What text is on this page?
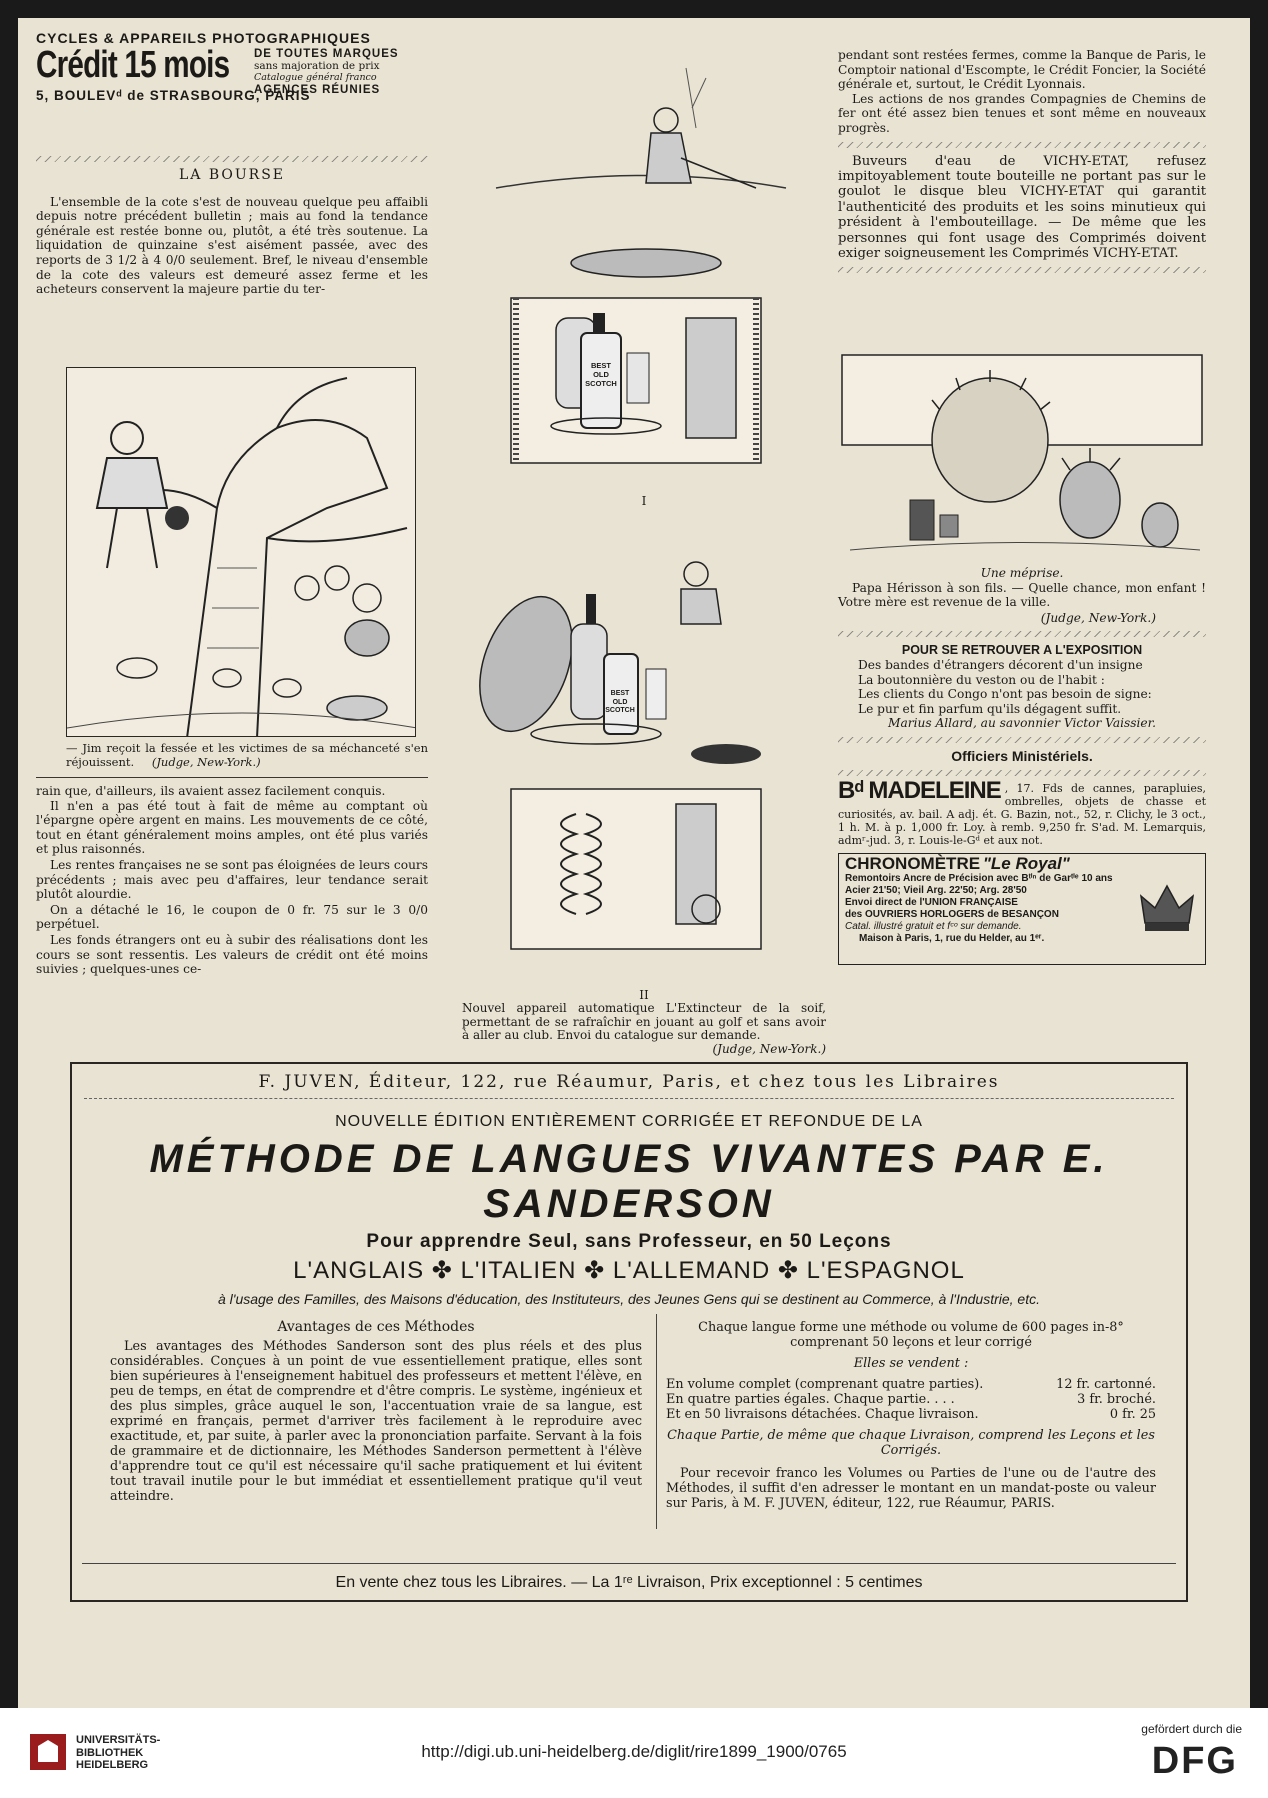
CYCLES & APPAREILS PHOTOGRAPHIQUES
Crédit 15 mois DE TOUTES MARQUES
sans majoration de prix
Catalogue général franco
AGENCES RÉUNIES
5, BOULEVᵈ de STRASBOURG, PARIS
LA BOURSE
L'ensemble de la cote s'est de nouveau quelque peu affaibli depuis notre précédent bulletin ; mais au fond la tendance générale est restée bonne ou, plutôt, a été très soutenue. La liquidation de quinzaine s'est aisément passée, avec des reports de 3 1/2 à 4 0/0 seulement. Bref, le niveau d'ensemble de la cote des valeurs est demeuré assez ferme et les acheteurs conservent la majeure partie du ter-
— Jim reçoit la fessée et les victimes de sa méchanceté s'en réjouissent. (Judge, New-York.)
rain que, d'ailleurs, ils avaient assez facilement conquis.
Il n'en a pas été tout à fait de même au comptant où l'épargne opère argent en mains. Les mouvements de ce côté, tout en étant généralement moins amples, ont été plus variés et plus raisonnés.
Les rentes françaises ne se sont pas éloignées de leurs cours précédents ; mais avec peu d'affaires, leur tendance serait plutôt alourdie.
On a détaché le 16, le coupon de 0 fr. 75 sur le 3 0/0 perpétuel.
Les fonds étrangers ont eu à subir des réalisations dont les cours se sont ressentis. Les valeurs de crédit ont été moins suivies ; quelques-unes ce-
BEST
OLD
SCOTCH
I
BEST
OLD
SCOTCH
II
Nouvel appareil automatique L'Extincteur de la soif, permettant de se rafraîchir en jouant au golf et sans avoir à aller au club. Envoi du catalogue sur demande.
(Judge, New-York.)
pendant sont restées fermes, comme la Banque de Paris, le Comptoir national d'Escompte, le Crédit Foncier, la Société générale et, surtout, le Crédit Lyonnais.
Les actions de nos grandes Compagnies de Chemins de fer ont été assez bien tenues et sont même en nouveaux progrès.
Buveurs d'eau de VICHY-ETAT, refusez impitoyablement toute bouteille ne portant pas sur le goulot le disque bleu VICHY-ETAT qui garantit l'authenticité des produits et les soins minutieux qui président à l'embouteillage. — De même que les personnes qui font usage des Comprimés doivent exiger soigneusement les Comprimés VICHY-ETAT.
Une méprise.
Papa Hérisson à son fils. — Quelle chance, mon enfant ! Votre mère est revenue de la ville.
(Judge, New-York.)
POUR SE RETROUVER A L'EXPOSITION
Des bandes d'étrangers décorent d'un insigne
La boutonnière du veston ou de l'habit :
Les clients du Congo n'ont pas besoin de signe:
Le pur et fin parfum qu'ils dégagent suffit.
Marius Allard, au savonnier Victor Vaissier.
Officiers Ministériels.
Bᵈ MADELEINE , 17. Fds de cannes, parapluies, ombrelles, objets de chasse et curiosités, av. bail. A adj. ét. G. Bazin, not., 52, r. Clichy, le 3 oct., 1 h. M. à p. 1,000 fr. Loy. à remb. 9,250 fr. S'ad. M. Lemarquis, admʳ-jud. 3, r. Louis-le-Gᵈ et aux not.
CHRONOMÈTRE "Le Royal"
Remontoirs Ancre de Précision avec Bᵗⁱⁿ de Garᵗⁱᵉ 10 ans
Acier 21'50; Vieil Arg. 22'50; Arg. 28'50
Envoi direct de l'UNION FRANÇAISE
des OUVRIERS HORLOGERS de BESANÇON
Catal. illustré gratuit et fᶜᵒ sur demande.
Maison à Paris, 1, rue du Helder, au 1ᵉʳ.
F. JUVEN, Éditeur, 122, rue Réaumur, Paris, et chez tous les Libraires
NOUVELLE ÉDITION ENTIÈREMENT CORRIGÉE ET REFONDUE DE LA
MÉTHODE DE LANGUES VIVANTES PAR E. SANDERSON
Pour apprendre Seul, sans Professeur, en 50 Leçons
L'ANGLAIS ✤ L'ITALIEN ✤ L'ALLEMAND ✤ L'ESPAGNOL
à l'usage des Familles, des Maisons d'éducation, des Instituteurs, des Jeunes Gens qui se destinent au Commerce, à l'Industrie, etc.
Avantages de ces Méthodes
Les avantages des Méthodes Sanderson sont des plus réels et des plus considérables. Conçues à un point de vue essentiellement pratique, elles sont bien supérieures à l'enseignement habituel des professeurs et mettent l'élève, en peu de temps, en état de comprendre et d'être compris. Le système, ingénieux et des plus simples, grâce auquel le son, l'accentuation vraie de sa langue, est exprimé en français, permet d'arriver très facilement à le reproduire avec exactitude, et, par suite, à parler avec la prononciation parfaite. Servant à la fois de grammaire et de dictionnaire, les Méthodes Sanderson permettent à l'élève d'apprendre tout ce qu'il est nécessaire qu'il sache pratiquement et lui évitent tout travail inutile pour le but immédiat et essentiellement pratique qu'il veut atteindre.
Chaque langue forme une méthode ou volume de 600 pages in-8° comprenant 50 leçons et leur corrigé
Elles se vendent :
En volume complet (comprenant quatre parties).	12 fr. cartonné.
En quatre parties égales. Chaque partie. . . .	3 fr. broché.
Et en 50 livraisons détachées. Chaque livraison.	0 fr. 25
Chaque Partie, de même que chaque Livraison, comprend les Leçons et les Corrigés.
Pour recevoir franco les Volumes ou Parties de l'une ou de l'autre des Méthodes, il suffit d'en adresser le montant en un mandat-poste ou valeur sur Paris, à M. F. JUVEN, éditeur, 122, rue Réaumur, PARIS.
En vente chez tous les Libraires. — La 1ʳᵉ Livraison, Prix exceptionnel : 5 centimes
UNIVERSITÄTS-
BIBLIOTHEK
HEIDELBERG
http://digi.ub.uni-heidelberg.de/diglit/rire1899_1900/0765
gefördert durch die
DFG
